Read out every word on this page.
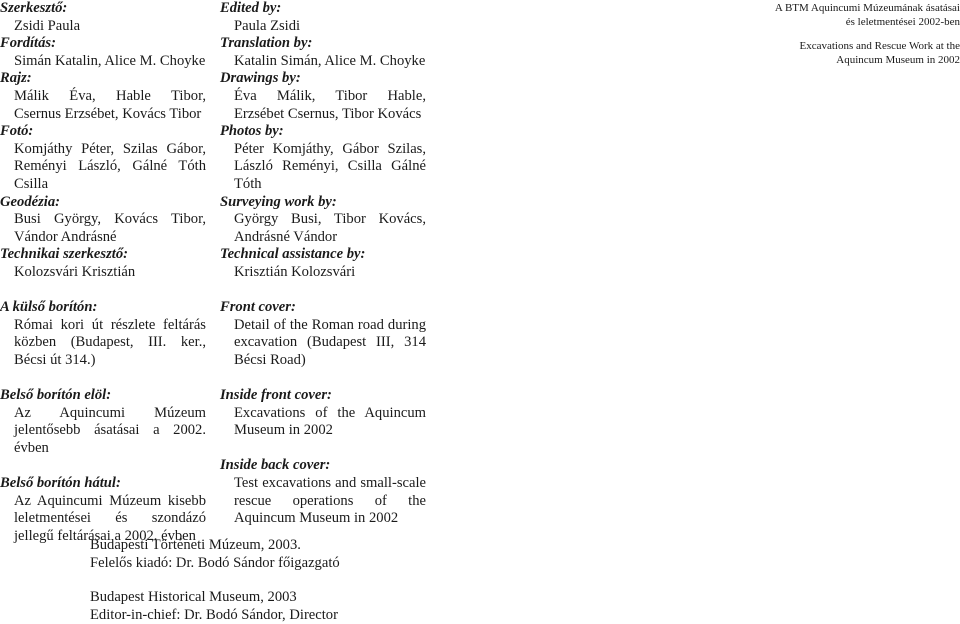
Szerkesztő:

Zsidi Paula

Fordítás:

Simán Katalin, Alice M. Choyke

Rajz:

Málik Éva, Hable Tibor, Csernus Erzsébet, Kovács Tibor

Fotó:

Komjáthy Péter, Szilas Gábor, Reményi László, Gálné Tóth Csilla

Geodézia:

Busi György, Kovács Tibor, Vándor Andrásné

Technikai szerkesztő:

Kolozsvári Krisztián

A külső borítón:

Római kori út részlete feltárás közben (Budapest, III. ker., Bécsi út 314.)

Belső borítón elöl:

Az Aquincumi Múzeum jelentősebb ásatásai a 2002. évben

Belső borítón hátul:

Az Aquincumi Múzeum kisebb leletmentései és szondázó jellegű feltárásai a 2002. évben

Edited by:

Paula Zsidi

Translation by:

Katalin Simán, Alice M. Choyke

Drawings by:

Éva Málik, Tibor Hable, Erzsébet Csernus, Tibor Kovács

Photos by:

Péter Komjáthy, Gábor Szilas, László Reményi, Csilla Gálné Tóth

Surveying work by:

György Busi, Tibor Kovács, Andrásné Vándor

Technical assistance by:

Krisztián Kolozsvári

Front cover:

Detail of the Roman road during excavation (Budapest III, 314 Bécsi Road)

Inside front cover:

Excavations of the Aquincum Museum in 2002

Inside back cover:

Test excavations and small-scale rescue operations of the Aquincum Museum in 2002

A BTM Aquincumi Múzeumának ásatásai

és leletmentései 2002-ben

Excavations and Rescue Work at the

Aquincum Museum in 2002

Budapesti Történeti Múzeum, 2003.

Felelős kiadó: Dr. Bodó Sándor főigazgató

Budapest Historical Museum, 2003

Editor-in-chief: Dr. Bodó Sándor, Director
